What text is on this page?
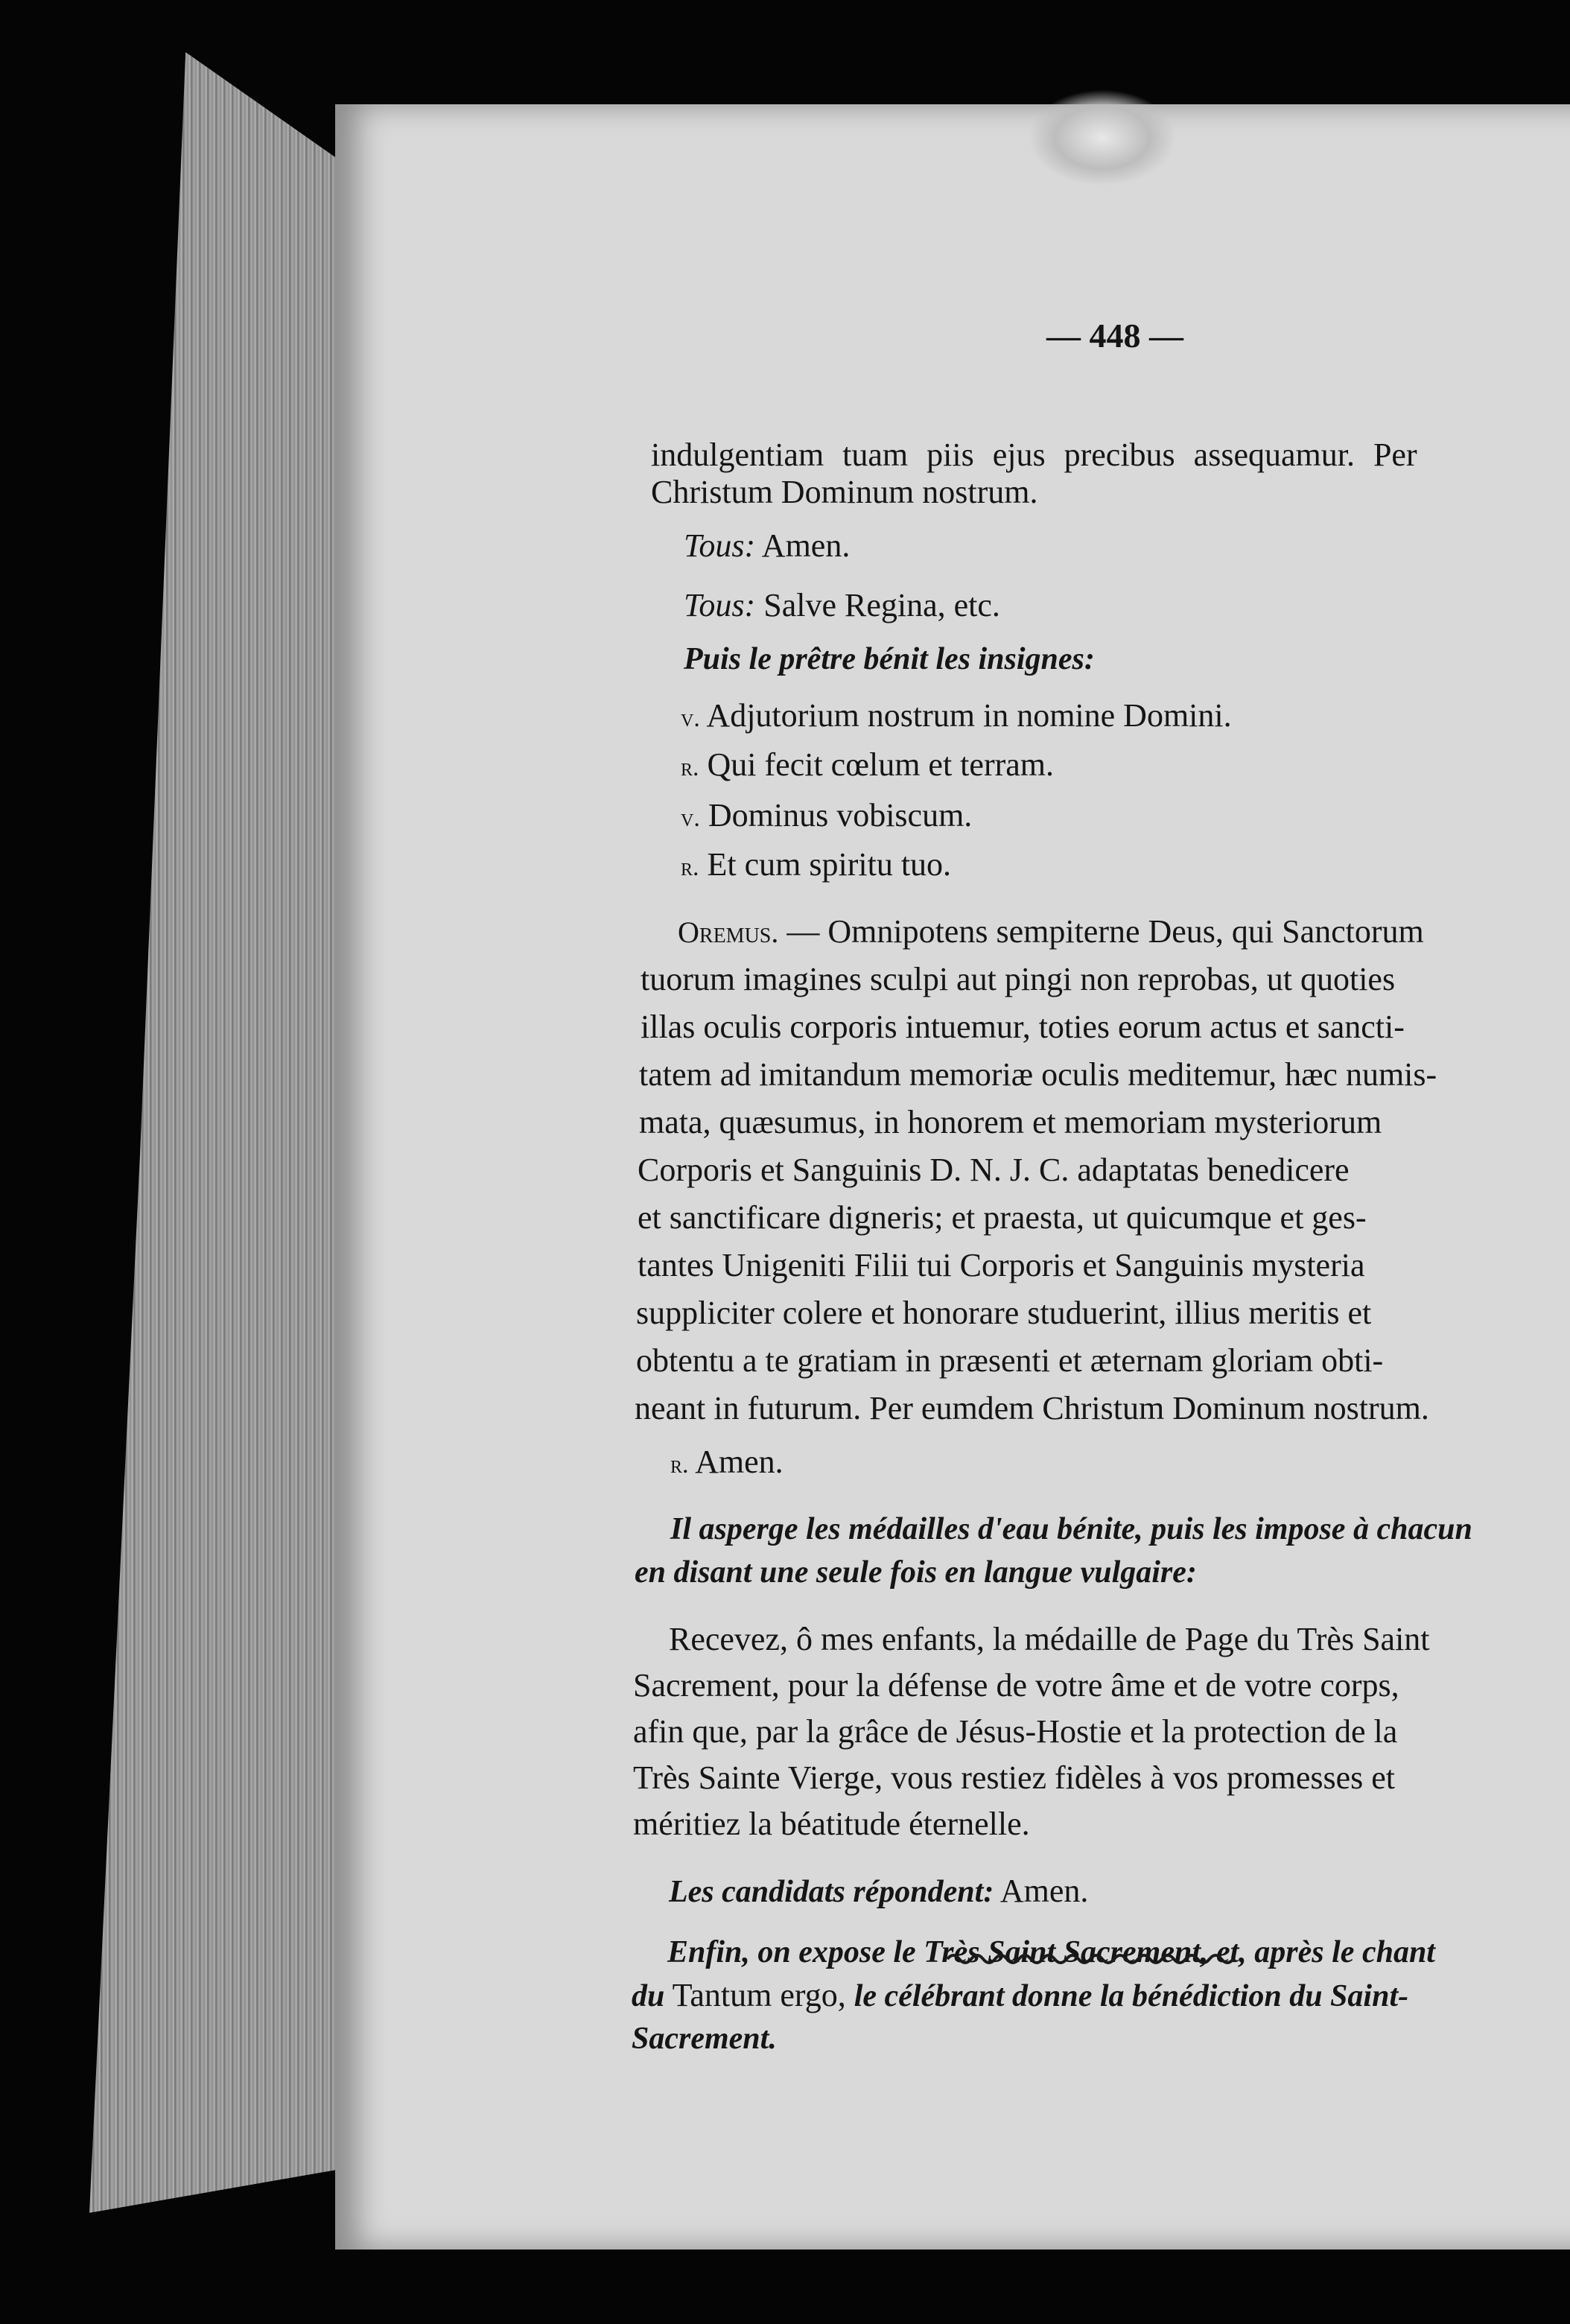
— 448 —
indulgentiam tuam piis ejus precibus assequamur. Per
Christum Dominum nostrum.
Tous: Amen.
Tous: Salve Regina, etc.
Puis le prêtre bénit les insignes:
v. Adjutorium nostrum in nomine Domini.
r. Qui fecit cœlum et terram.
v. Dominus vobiscum.
r. Et cum spiritu tuo.
Oremus. — Omnipotens sempiterne Deus, qui Sanctorum
tuorum imagines sculpi aut pingi non reprobas, ut quoties
illas oculis corporis intuemur, toties eorum actus et sancti-
tatem ad imitandum memoriæ oculis meditemur, hæc numis-
mata, quæsumus, in honorem et memoriam mysteriorum
Corporis et Sanguinis D. N. J. C. adaptatas benedicere
et sanctificare digneris; et praesta, ut quicumque et ges-
tantes Unigeniti Filii tui Corporis et Sanguinis mysteria
suppliciter colere et honorare studuerint, illius meritis et
obtentu a te gratiam in præsenti et æternam gloriam obti-
neant in futurum. Per eumdem Christum Dominum nostrum.
r. Amen.
Il asperge les médailles d'eau bénite, puis les impose à chacun
en disant une seule fois en langue vulgaire:
Recevez, ô mes enfants, la médaille de Page du Très Saint
Sacrement, pour la défense de votre âme et de votre corps,
afin que, par la grâce de Jésus-Hostie et la protection de la
Très Sainte Vierge, vous restiez fidèles à vos promesses et
méritiez la béatitude éternelle.
Les candidats répondent: Amen.
Enfin, on expose le Très Saint Sacrement, et, après le chant
du Tantum ergo, le célébrant donne la bénédiction du Saint-
Sacrement.
